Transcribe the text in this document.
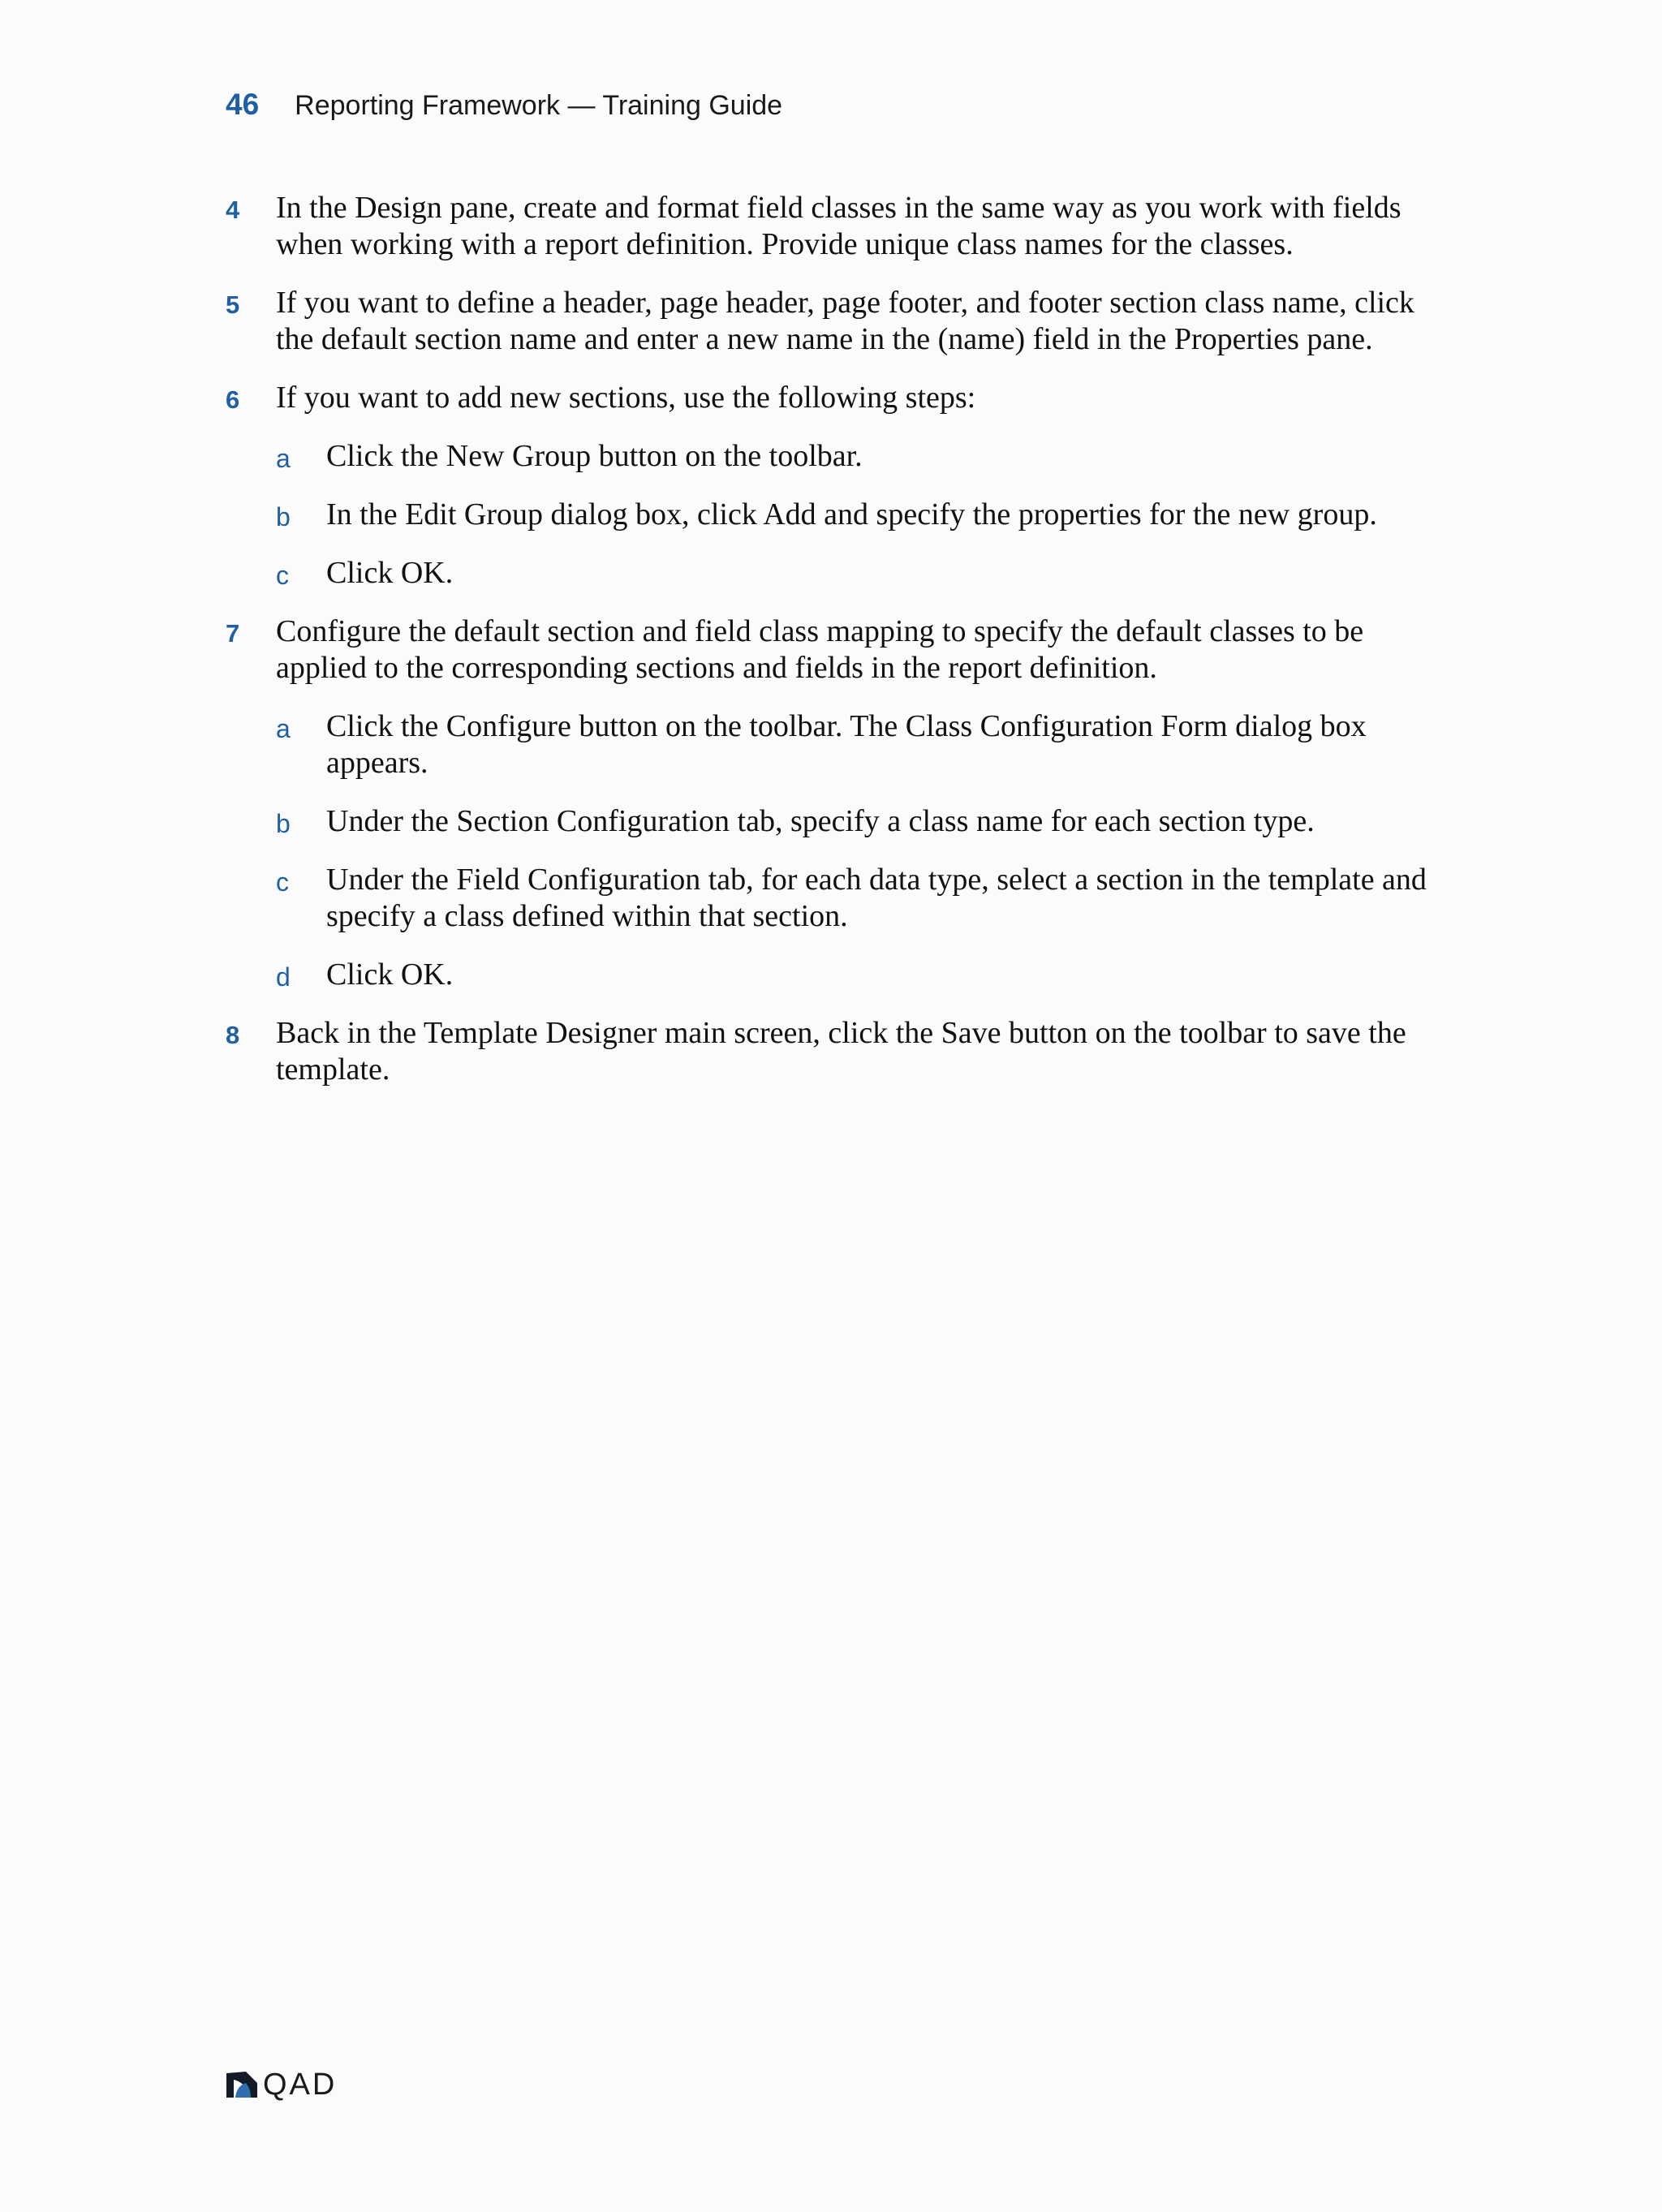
46 Reporting Framework — Training Guide
4 In the Design pane, create and format field classes in the same way as you work with fields when working with a report definition. Provide unique class names for the classes.

5 If you want to define a header, page header, page footer, and footer section class name, click the default section name and enter a new name in the (name) field in the Properties pane.

6 If you want to add new sections, use the following steps:

a Click the New Group button on the toolbar.

b In the Edit Group dialog box, click Add and specify the properties for the new group.

c Click OK.

7 Configure the default section and field class mapping to specify the default classes to be applied to the corresponding sections and fields in the report definition.

a Click the Configure button on the toolbar. The Class Configuration Form dialog box appears.

b Under the Section Configuration tab, specify a class name for each section type.

c Under the Field Configuration tab, for each data type, select a section in the template and specify a class defined within that section.

d Click OK.

8 Back in the Template Designer main screen, click the Save button on the toolbar to save the template.

QAD
